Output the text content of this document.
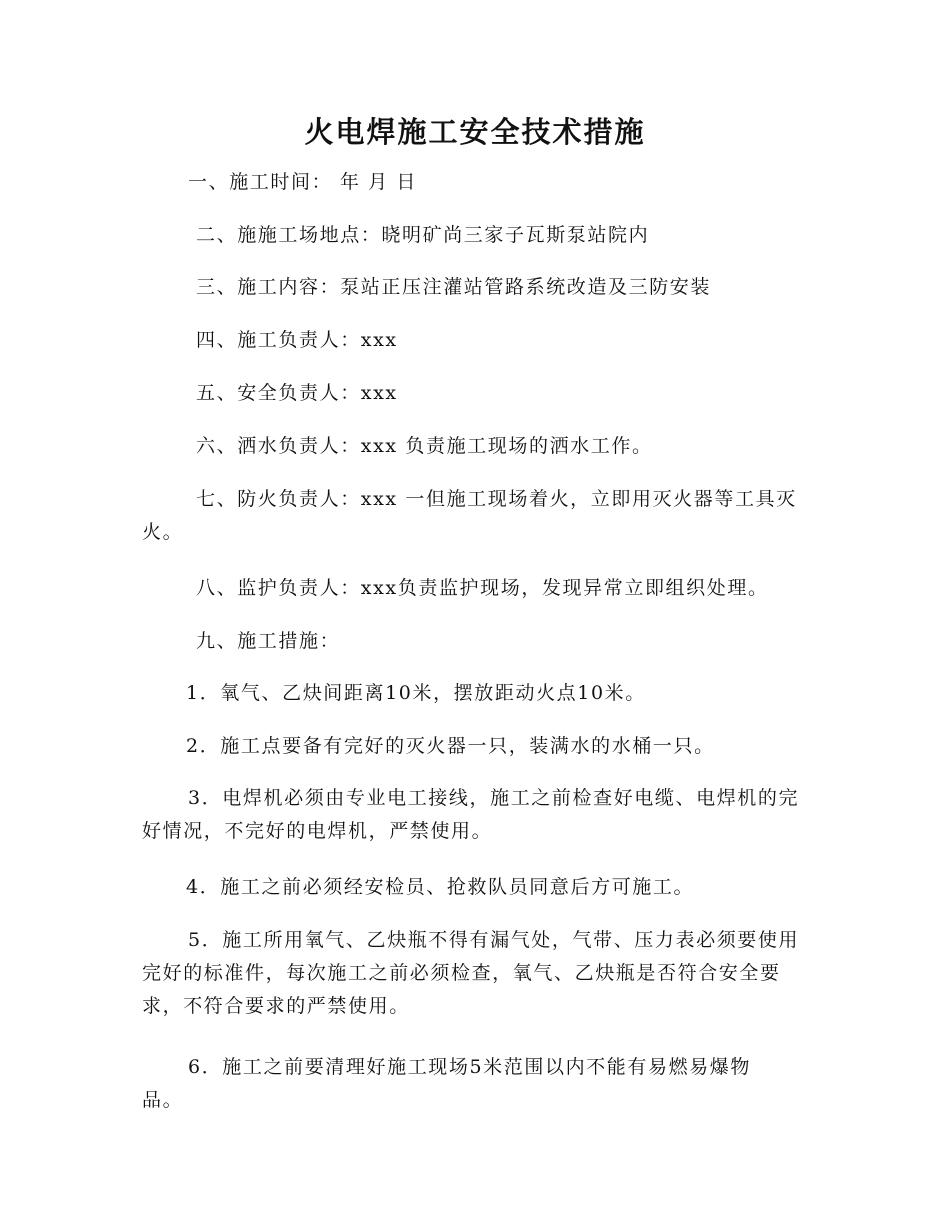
火电焊施工安全技术措施

一、施工时间： 年 月 日

二、施施工场地点：晓明矿尚三家子瓦斯泵站院内

三、施工内容：泵站正压注灌站管路系统改造及三防安装

四、施工负责人：xxx

五、安全负责人：xxx

六、洒水负责人：xxx 负责施工现场的洒水工作。

七、防火负责人：xxx 一但施工现场着火，立即用灭火器等工具灭火。

八、监护负责人：xxx负责监护现场，发现异常立即组织处理。

九、施工措施：

1．氧气、乙炔间距离10米，摆放距动火点10米。

2．施工点要备有完好的灭火器一只，装满水的水桶一只。

3．电焊机必须由专业电工接线，施工之前检查好电缆、电焊机的完好情况，不完好的电焊机，严禁使用。

4．施工之前必须经安检员、抢救队员同意后方可施工。

5．施工所用氧气、乙炔瓶不得有漏气处，气带、压力表必须要使用完好的标准件，每次施工之前必须检查，氧气、乙炔瓶是否符合安全要求，不符合要求的严禁使用。

6．施工之前要清理好施工现场5米范围以内不能有易燃易爆物品。
